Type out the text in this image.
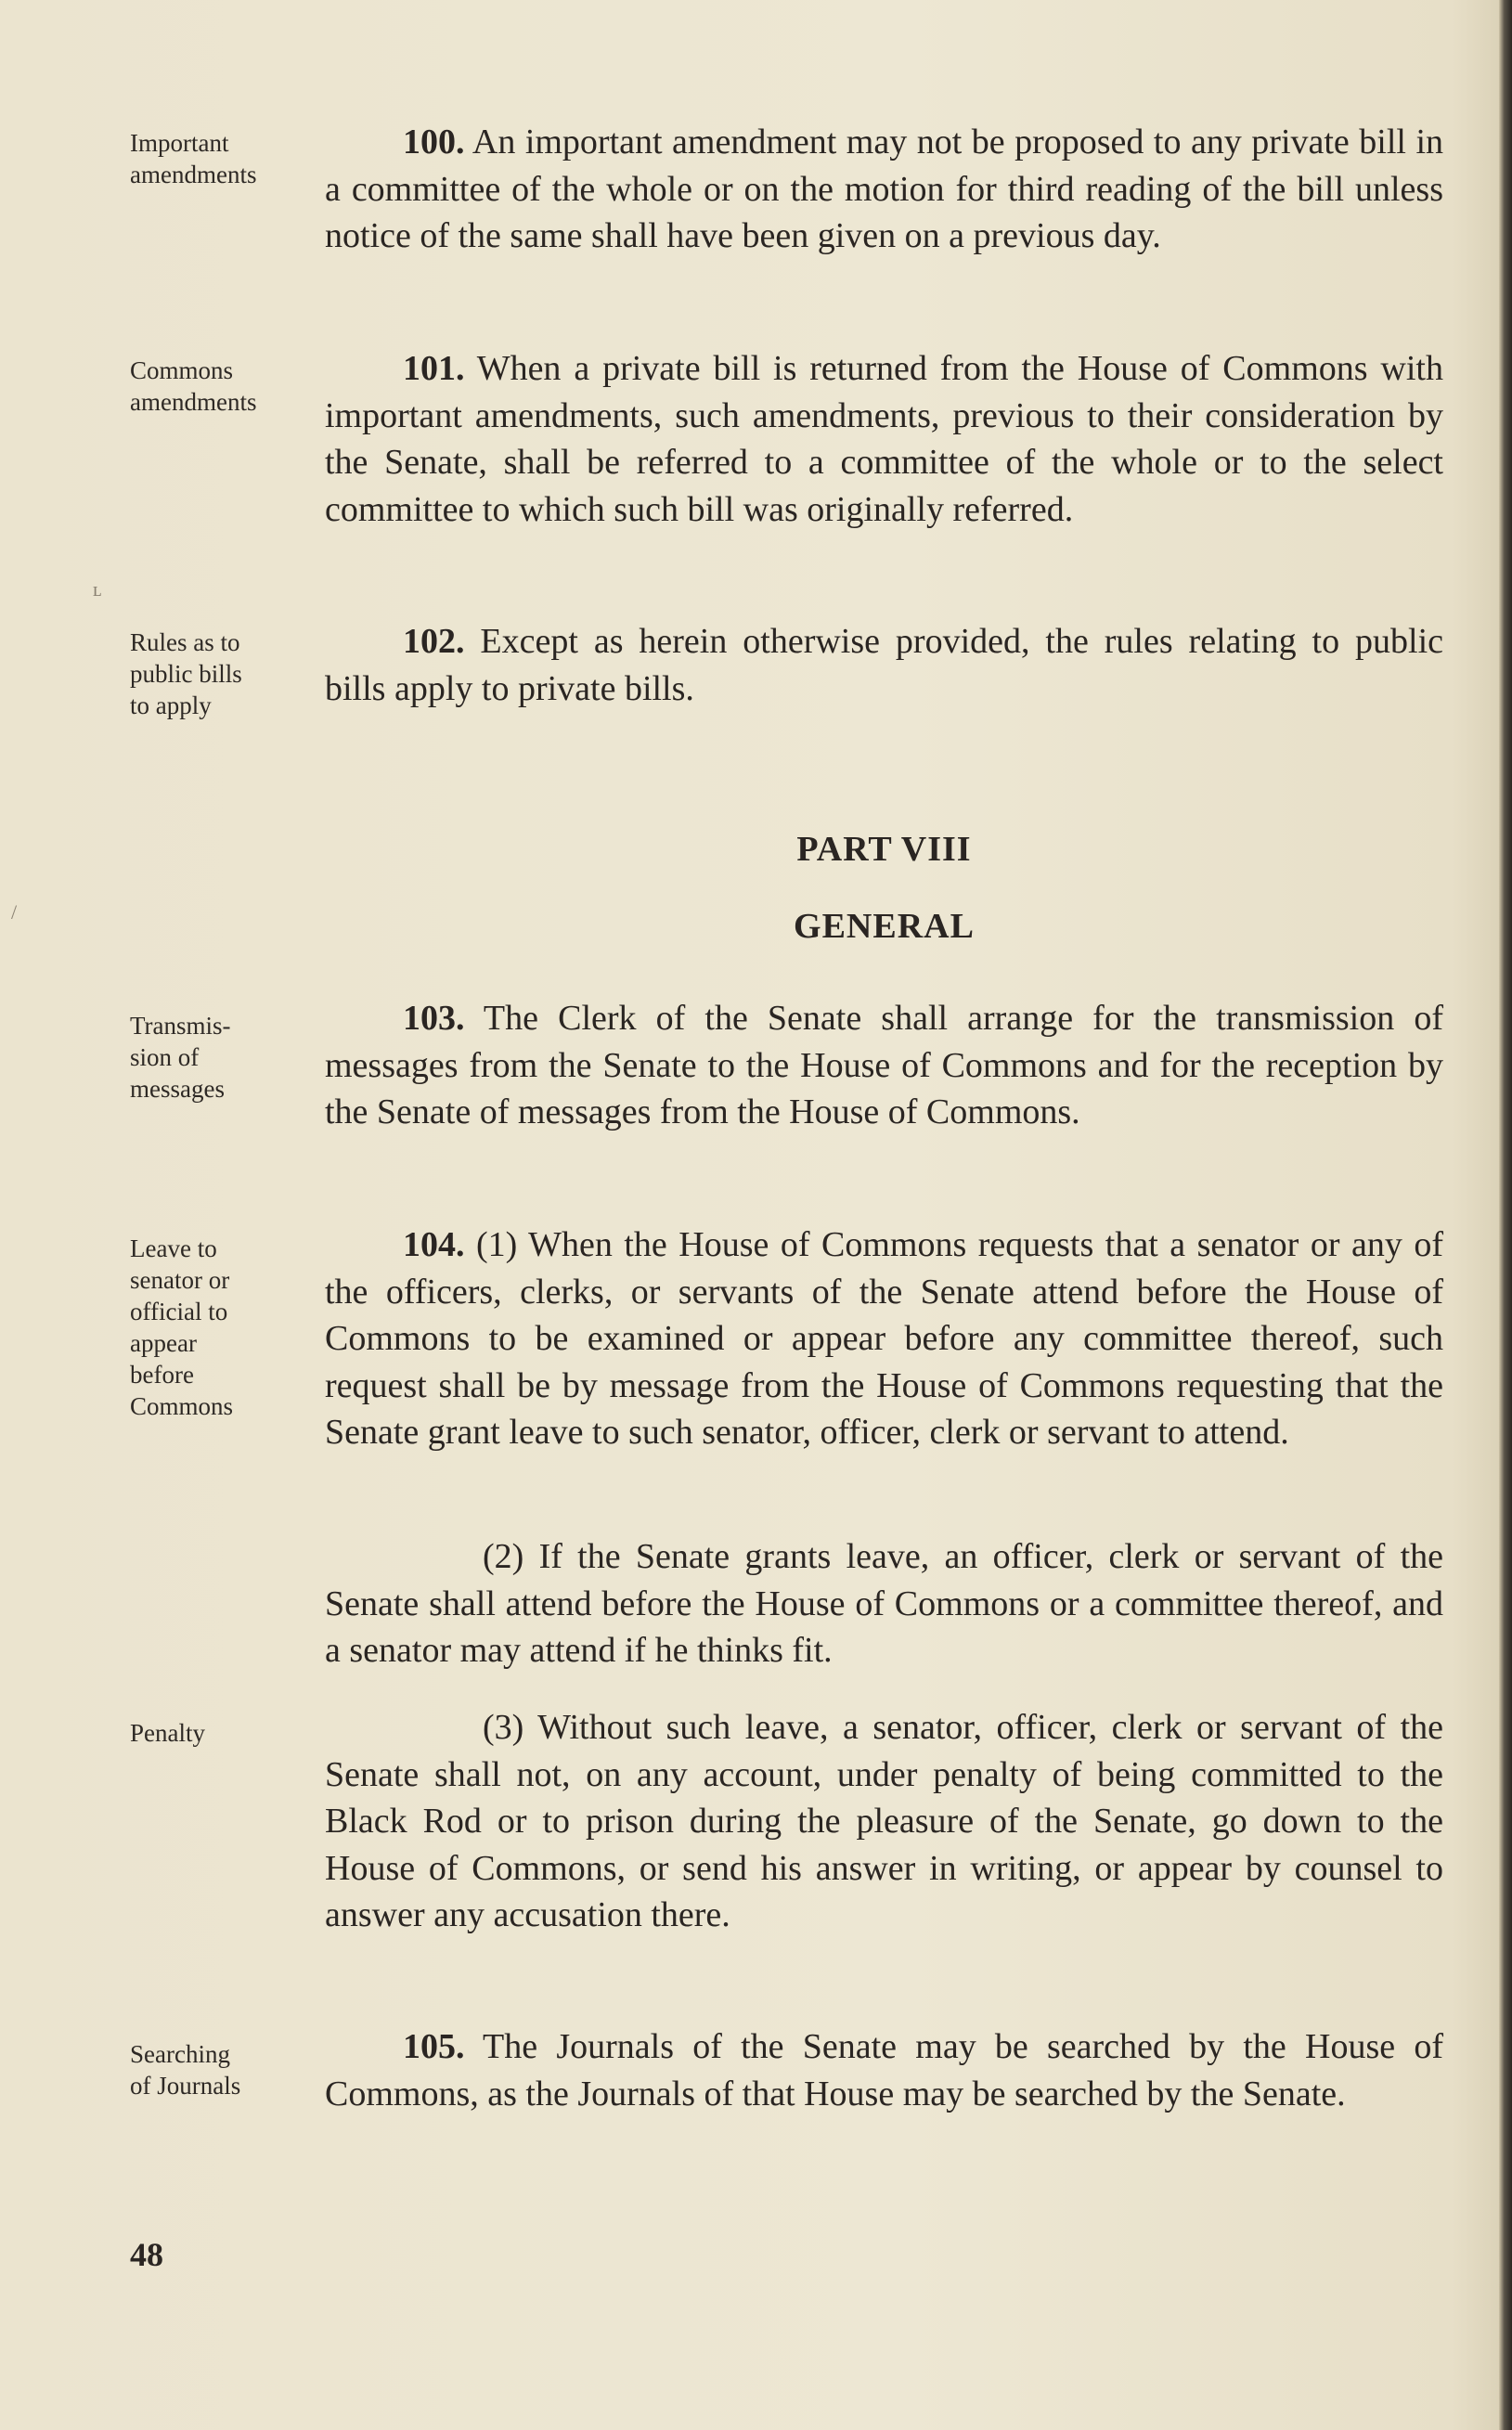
Important
amendments
100. An important amendment may not be proposed to any private bill in a committee of the whole or on the motion for third reading of the bill unless notice of the same shall have been given on a previous day.
Commons
amendments
101. When a private bill is returned from the House of Commons with important amendments, such amendments, previous to their consideration by the Senate, shall be referred to a committee of the whole or to the select committee to which such bill was originally referred.
Rules as to
public bills
to apply
102. Except as herein otherwise provided, the rules relating to public bills apply to private bills.
PART VIII
GENERAL
Transmis-
sion of
messages
103. The Clerk of the Senate shall arrange for the transmission of messages from the Senate to the House of Commons and for the reception by the Senate of messages from the House of Commons.
Leave to
senator or
official to
appear
before
Commons
104. (1) When the House of Commons requests that a senator or any of the officers, clerks, or servants of the Senate attend before the House of Commons to be examined or appear before any committee thereof, such request shall be by message from the House of Commons requesting that the Senate grant leave to such senator, officer, clerk or servant to attend.
(2) If the Senate grants leave, an officer, clerk or servant of the Senate shall attend before the House of Commons or a committee thereof, and a senator may attend if he thinks fit.
Penalty	(3) Without such leave, a senator, officer, clerk or servant of the Senate shall not, on any account, under penalty of being committed to the Black Rod or to prison during the pleasure of the Senate, go down to the House of Commons, or send his answer in writing, or appear by counsel to answer any accusation there.
Searching
of Journals
105. The Journals of the Senate may be searched by the House of Commons, as the Journals of that House may be searched by the Senate.
48
ʟ
/
